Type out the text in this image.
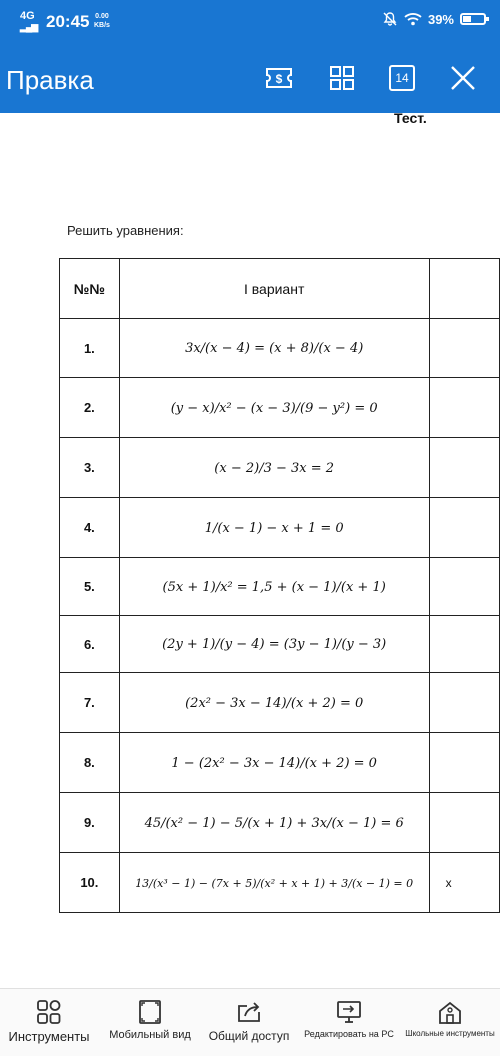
4G
▂▄▆ 20:45 0.00
KB/s	39%
Правка	$	14
Тест.
Решить уравнения:
№№	I вариант	
1.	3x/(x − 4) = (x + 8)/(x − 4)	
2.	(y − x)/x² − (x − 3)/(9 − y²) = 0	
3.	(x − 2)/3 − 3x = 2	
4.	1/(x − 1) − x + 1 = 0	
5.	(5x + 1)/x² = 1,5 + (x − 1)/(x + 1)	
6.	(2y + 1)/(y − 4) = (3y − 1)/(y − 3)	
7.	(2x² − 3x − 14)/(x + 2) = 0	
8.	1 − (2x² − 3x − 14)/(x + 2) = 0	
9.	45/(x² − 1) − 5/(x + 1) + 3x/(x − 1) = 6	
10.	13/(x³ − 1) − (7x + 5)/(x² + x + 1) + 3/(x − 1) = 0	x
Инструменты	Мобильный вид	Общий доступ	Редактировать на PC	Школьные инструменты
